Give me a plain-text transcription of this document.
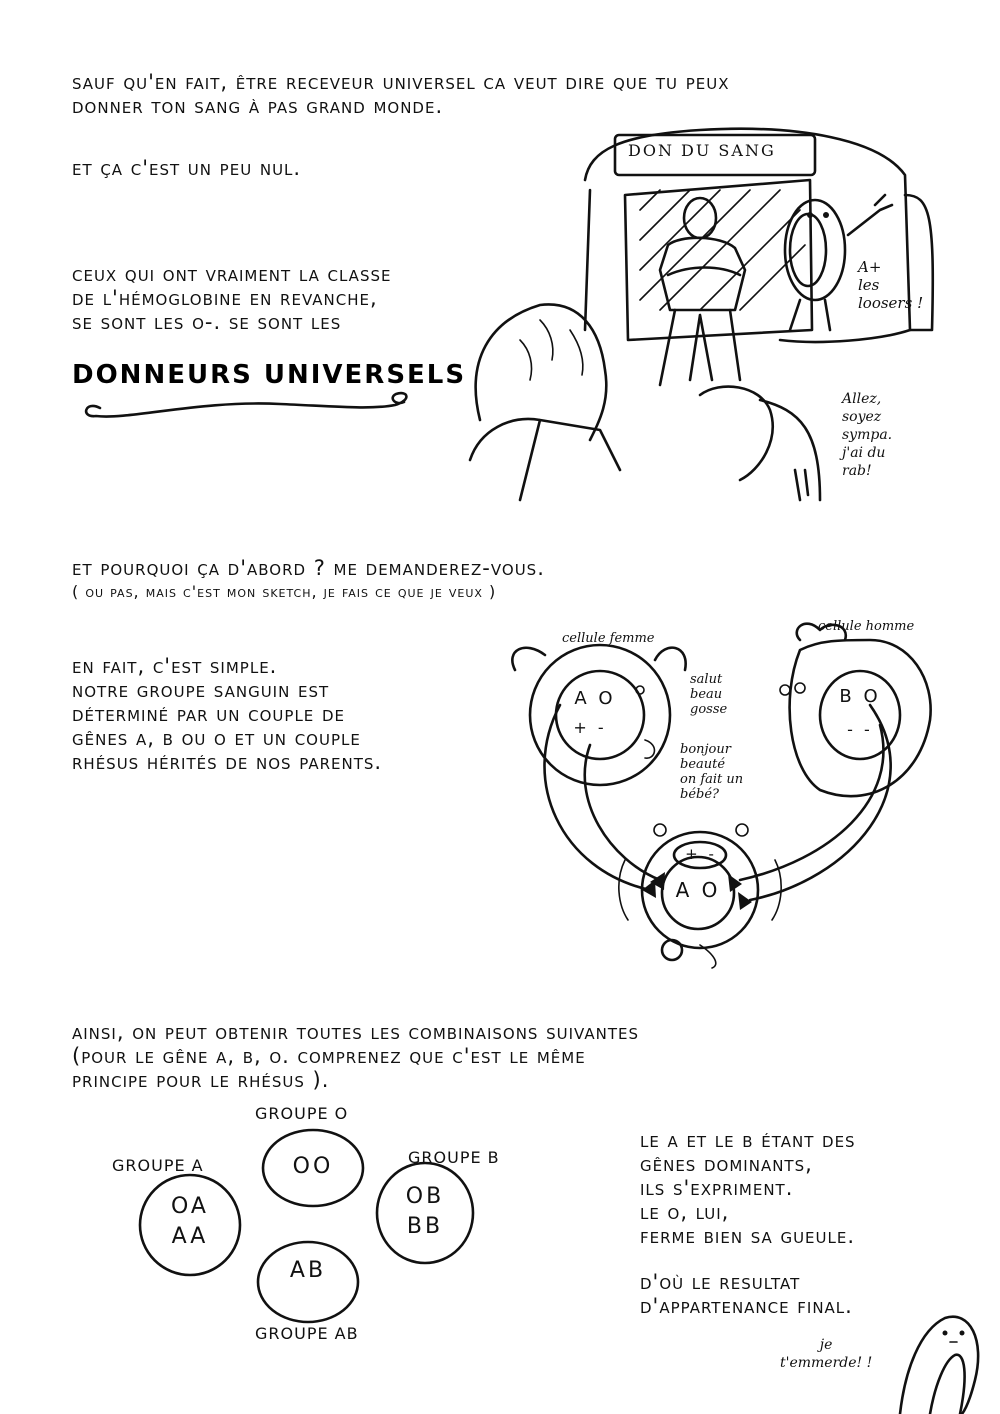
sauf qu'en fait, être receveur universel ca veut dire que tu peux
donner ton sang à pas grand monde.
et ça c'est un peu nul.
ceux qui ont vraiment la classe
de l'hémoglobine en revanche,
se sont les o-. se sont les
DONNEURS UNIVERSELS
DON DU SANG
A+
les
loosers !
Allez,
soyez
sympa.
j'ai du
rab!
et pourquoi ça d'abord ? me demanderez-vous.
( ou pas, mais c'est mon sketch, je fais ce que je veux )
en fait, c'est simple.
notre groupe sanguin est
déterminé par un couple de
gênes a, b ou o et un couple
rhésus hérités de nos parents.
cellule femme
cellule homme
salut
beau
gosse
bonjour
beauté
on fait un
bébé?
A O
+ -
B O
- -
+ -
A O
ainsi, on peut obtenir toutes les combinaisons suivantes
(pour le gêne a, b, o. comprenez que c'est le même
principe pour le rhésus ).
GROUPE O
GROUPE A	GROUPE B
GROUPE AB
OO
OA
AA
OB
BB
AB
le a et le b étant des
gênes dominants,
ils s'expriment.
le o, lui,
ferme bien sa gueule.
d'où le resultat
d'appartenance final.
je
t'emmerde! !
